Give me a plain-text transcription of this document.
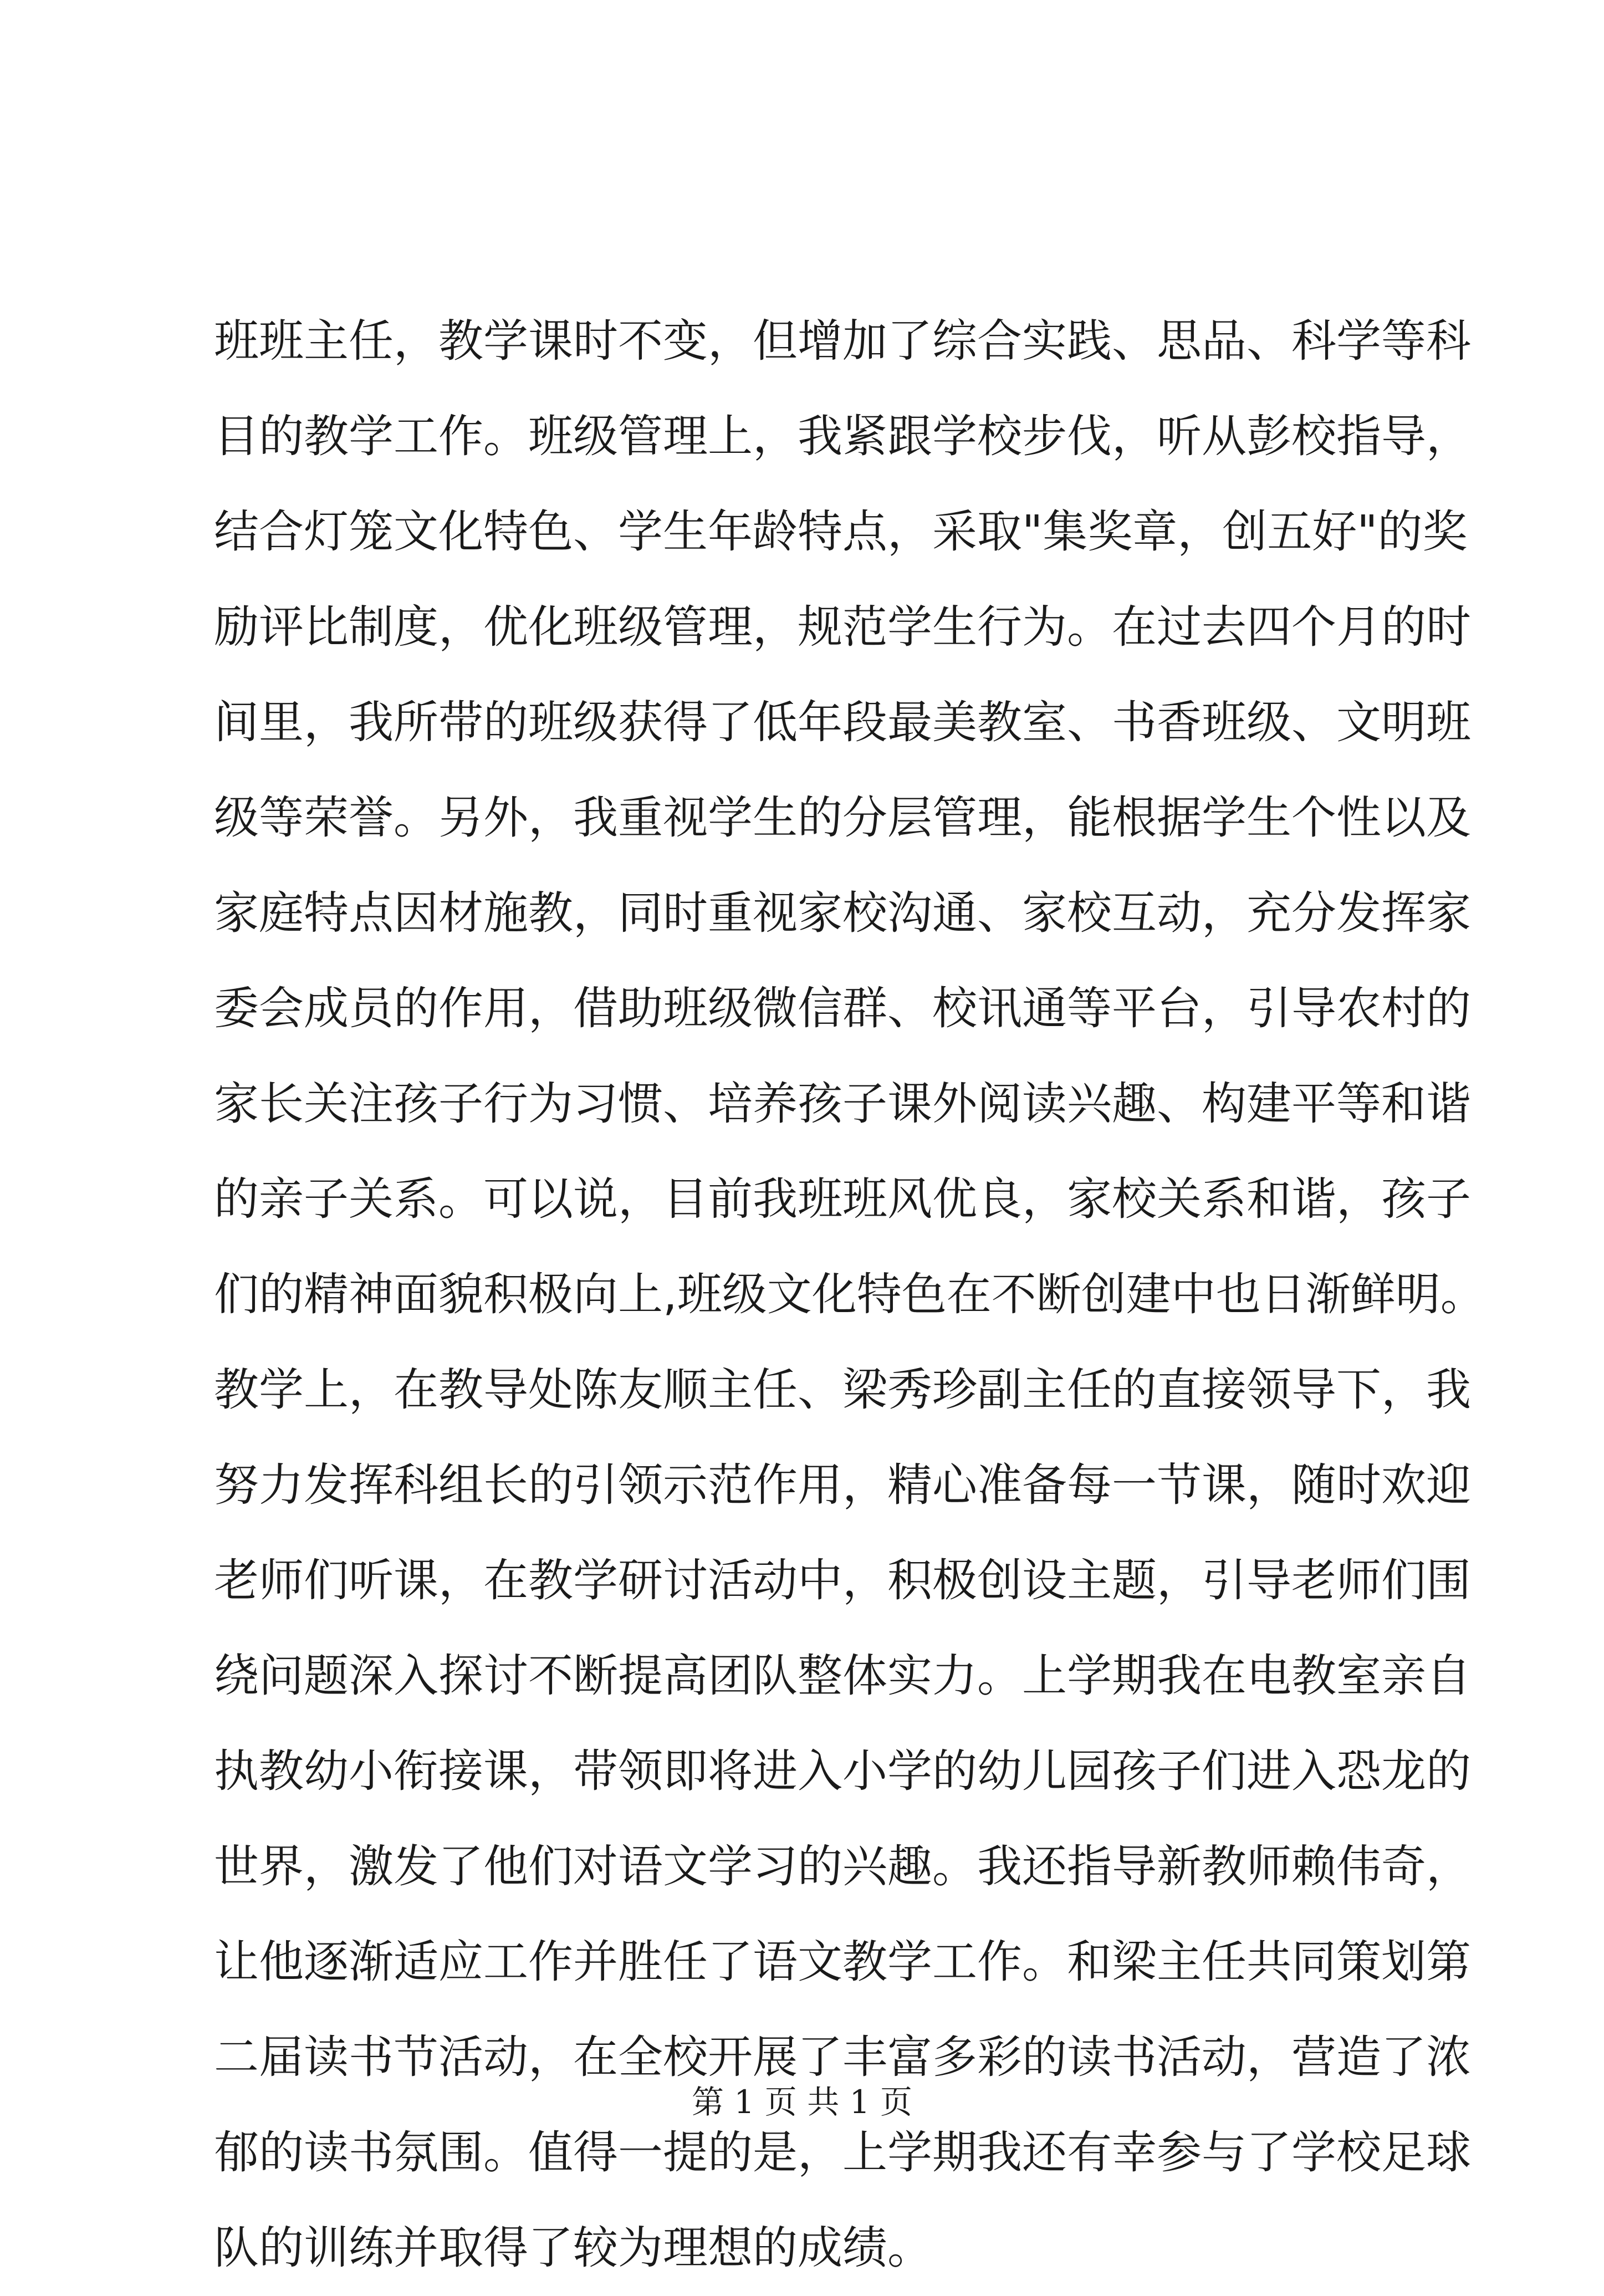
班班主任，教学课时不变，但增加了综合实践、思品、科学等科
目的教学工作。班级管理上，我紧跟学校步伐，听从彭校指导，
结合灯笼文化特色、学生年龄特点，采取"集奖章，创五好"的奖
励评比制度，优化班级管理，规范学生行为。在过去四个月的时
间里，我所带的班级获得了低年段最美教室、书香班级、文明班
级等荣誉。另外，我重视学生的分层管理，能根据学生个性以及
家庭特点因材施教，同时重视家校沟通、家校互动，充分发挥家
委会成员的作用，借助班级微信群、校讯通等平台，引导农村的
家长关注孩子行为习惯、培养孩子课外阅读兴趣、构建平等和谐
的亲子关系。可以说，目前我班班风优良，家校关系和谐，孩子
们的精神面貌积极向上,班级文化特色在不断创建中也日渐鲜明。
教学上，在教导处陈友顺主任、梁秀珍副主任的直接领导下，我
努力发挥科组长的引领示范作用，精心准备每一节课，随时欢迎
老师们听课，在教学研讨活动中，积极创设主题，引导老师们围
绕问题深入探讨不断提高团队整体实力。上学期我在电教室亲自
执教幼小衔接课，带领即将进入小学的幼儿园孩子们进入恐龙的
世界，激发了他们对语文学习的兴趣。我还指导新教师赖伟奇，
让他逐渐适应工作并胜任了语文教学工作。和梁主任共同策划第
二届读书节活动，在全校开展了丰富多彩的读书活动，营造了浓
郁的读书氛围。值得一提的是，上学期我还有幸参与了学校足球
队的训练并取得了较为理想的成绩。
第 1 页 共 1 页
